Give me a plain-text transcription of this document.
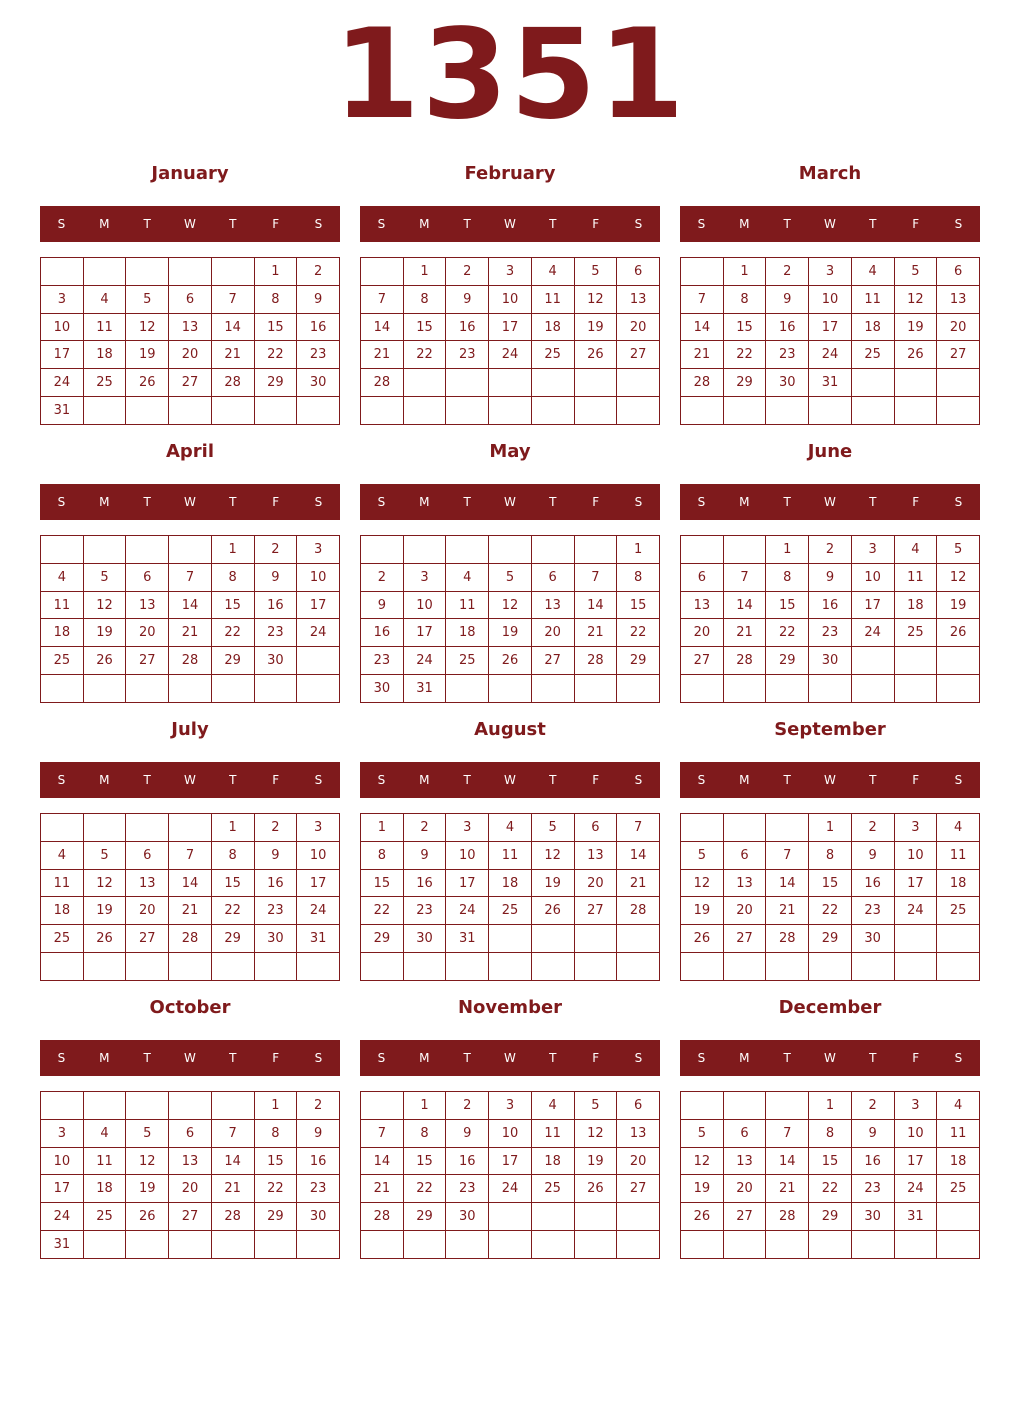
1351
January
S	M	T	W	T	F	S
					1	2
3	4	5	6	7	8	9
10	11	12	13	14	15	16
17	18	19	20	21	22	23
24	25	26	27	28	29	30
31						
February
S	M	T	W	T	F	S
	1	2	3	4	5	6
7	8	9	10	11	12	13
14	15	16	17	18	19	20
21	22	23	24	25	26	27
28						

March
S	M	T	W	T	F	S
	1	2	3	4	5	6
7	8	9	10	11	12	13
14	15	16	17	18	19	20
21	22	23	24	25	26	27
28	29	30	31			

April
S	M	T	W	T	F	S
				1	2	3
4	5	6	7	8	9	10
11	12	13	14	15	16	17
18	19	20	21	22	23	24
25	26	27	28	29	30	

May
S	M	T	W	T	F	S
						1
2	3	4	5	6	7	8
9	10	11	12	13	14	15
16	17	18	19	20	21	22
23	24	25	26	27	28	29
30	31					
June
S	M	T	W	T	F	S
		1	2	3	4	5
6	7	8	9	10	11	12
13	14	15	16	17	18	19
20	21	22	23	24	25	26
27	28	29	30			

July
S	M	T	W	T	F	S
				1	2	3
4	5	6	7	8	9	10
11	12	13	14	15	16	17
18	19	20	21	22	23	24
25	26	27	28	29	30	31

August
S	M	T	W	T	F	S
1	2	3	4	5	6	7
8	9	10	11	12	13	14
15	16	17	18	19	20	21
22	23	24	25	26	27	28
29	30	31				

September
S	M	T	W	T	F	S
			1	2	3	4
5	6	7	8	9	10	11
12	13	14	15	16	17	18
19	20	21	22	23	24	25
26	27	28	29	30		

October
S	M	T	W	T	F	S
					1	2
3	4	5	6	7	8	9
10	11	12	13	14	15	16
17	18	19	20	21	22	23
24	25	26	27	28	29	30
31						
November
S	M	T	W	T	F	S
	1	2	3	4	5	6
7	8	9	10	11	12	13
14	15	16	17	18	19	20
21	22	23	24	25	26	27
28	29	30				

December
S	M	T	W	T	F	S
			1	2	3	4
5	6	7	8	9	10	11
12	13	14	15	16	17	18
19	20	21	22	23	24	25
26	27	28	29	30	31	
